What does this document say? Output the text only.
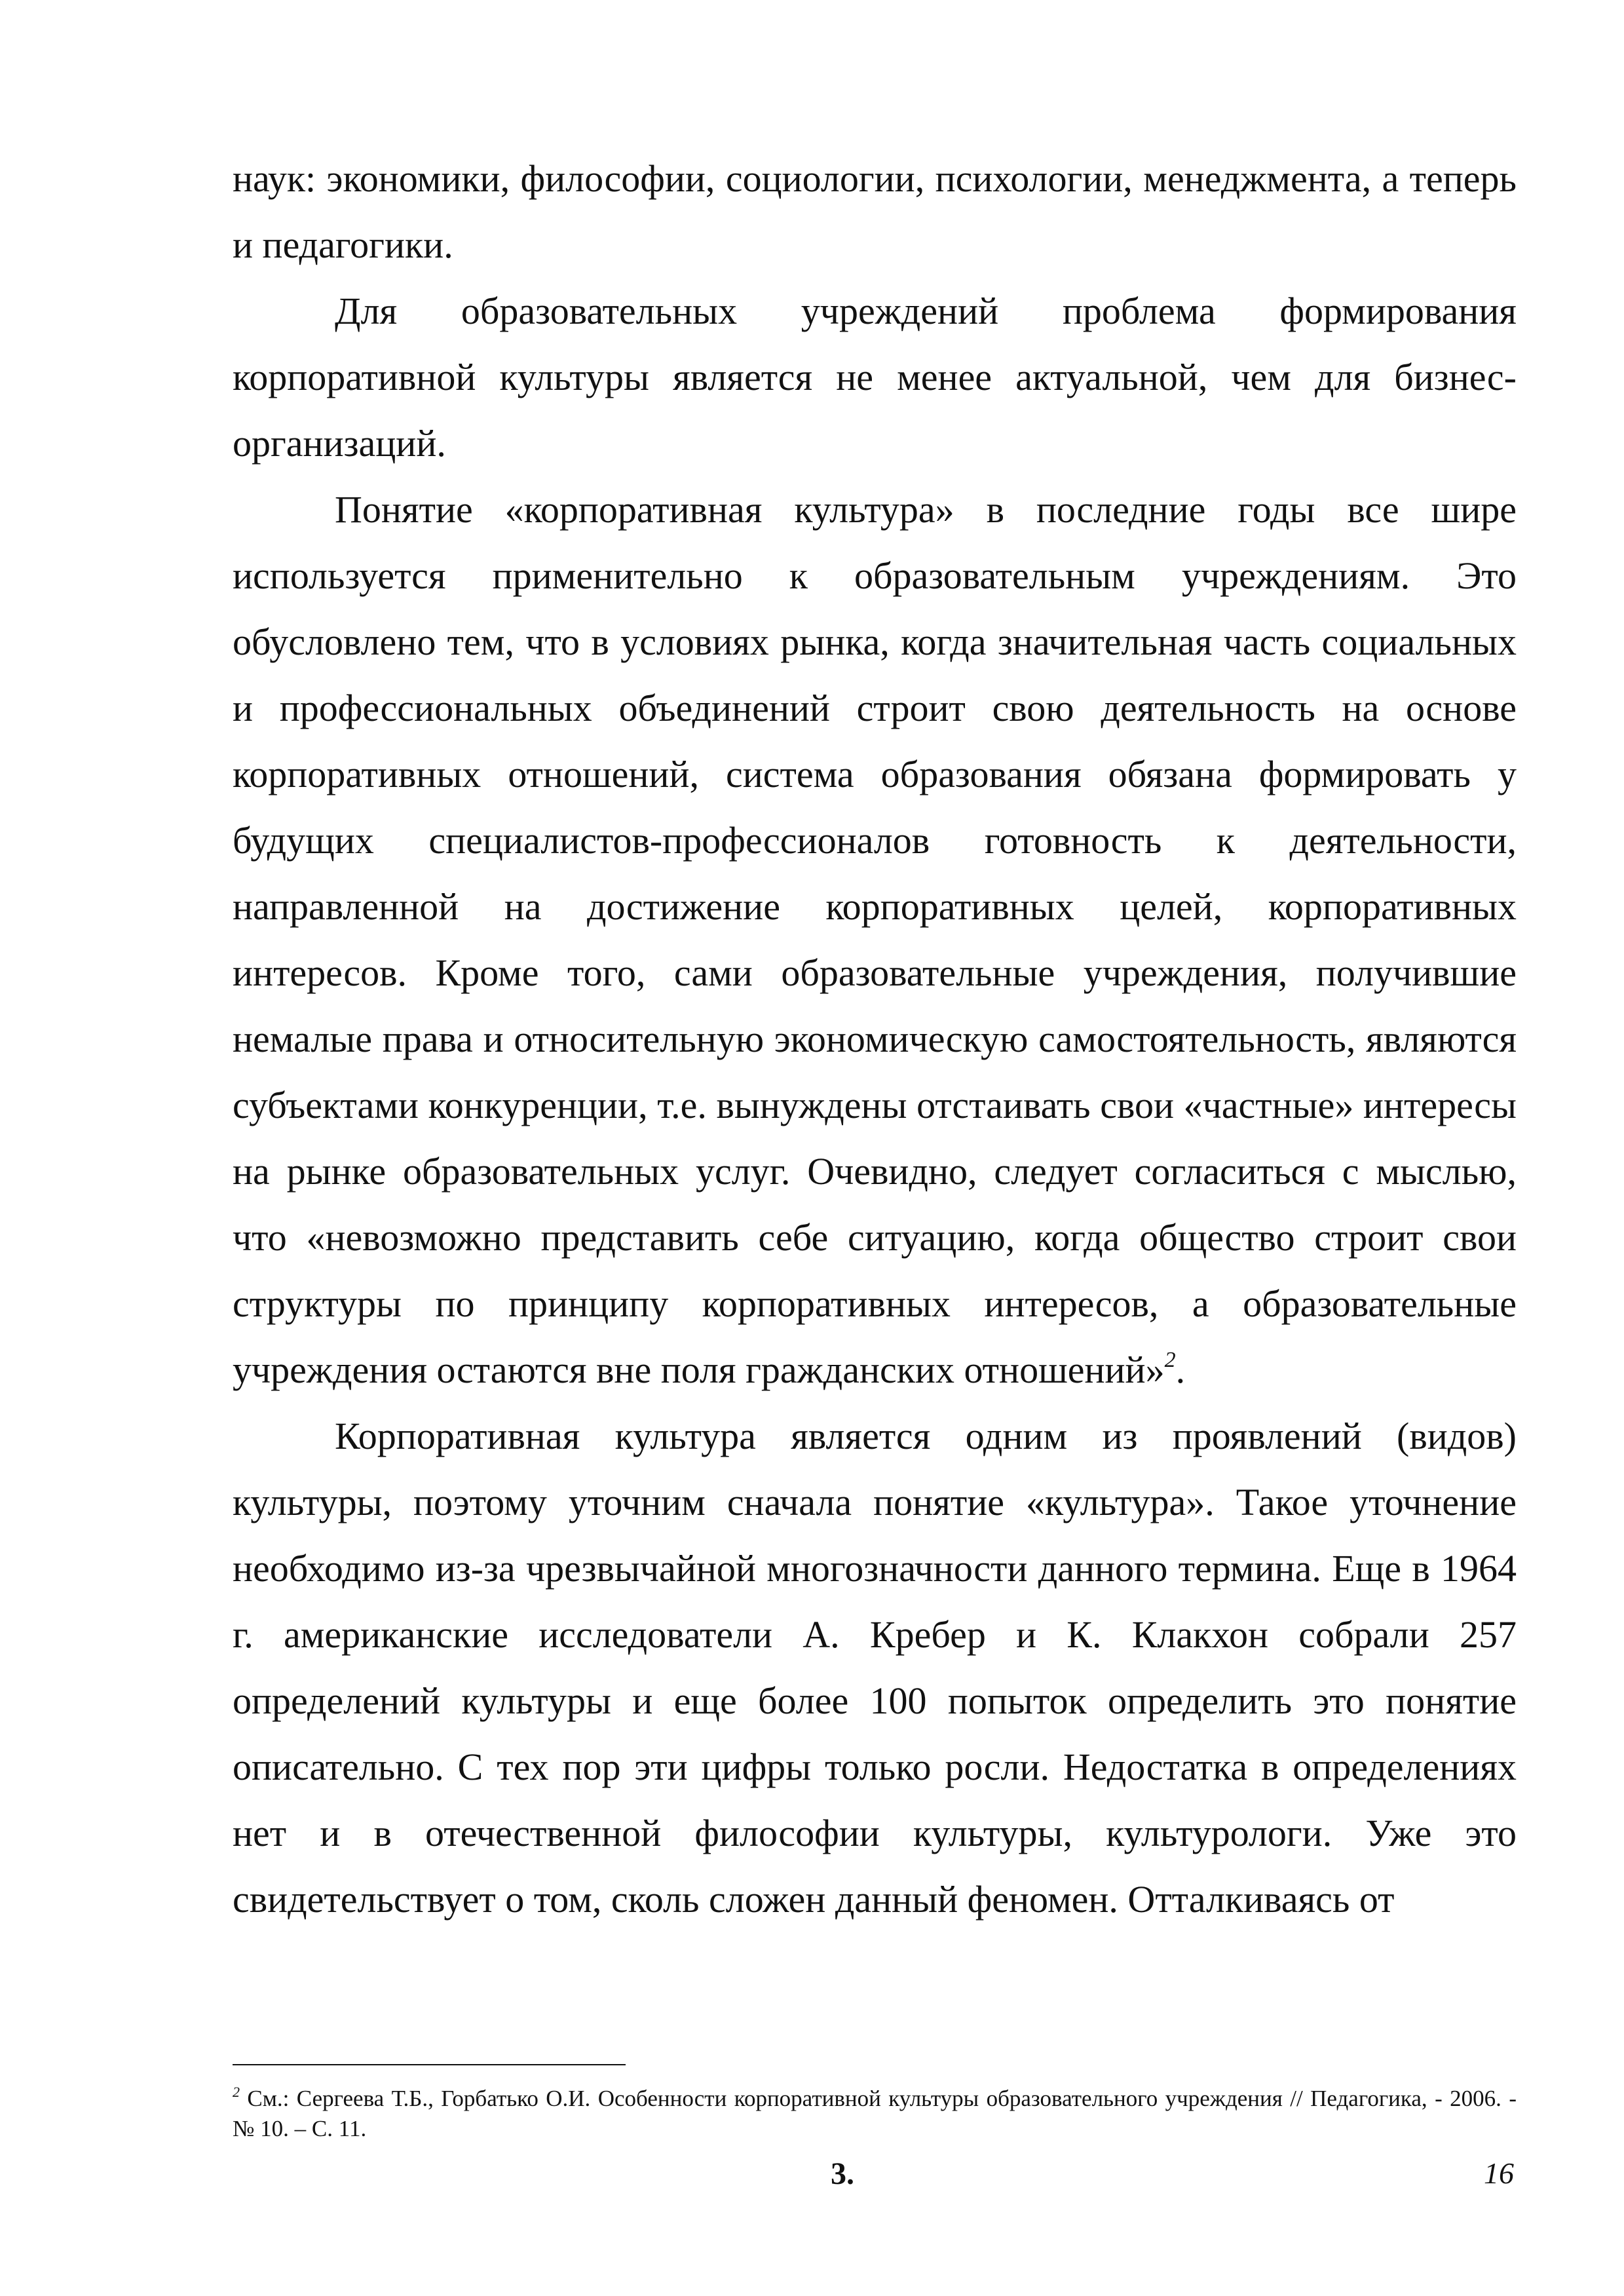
наук: экономики, философии, социологии, психологии, менеджмента, а теперь и педагогики.

Для образовательных учреждений проблема формирования корпоративной культуры является не менее актуальной, чем для бизнес-организаций.

Понятие «корпоративная культура» в последние годы все шире используется применительно к образовательным учреждениям. Это обусловлено тем, что в условиях рынка, когда значительная часть социальных и профессиональных объединений строит свою деятельность на основе корпоративных отношений, система образования обязана формировать у будущих специалистов-профессионалов готовность к деятельности, направленной на достижение корпоративных целей, корпоративных интересов. Кроме того, сами образовательные учреждения, получившие немалые права и относительную экономическую самостоятельность, являются субъектами конкуренции, т.е. вынуждены отстаивать свои «частные» интересы на рынке образовательных услуг. Очевидно, следует согласиться с мыслью, что «невозможно представить себе ситуацию, когда общество строит свои структуры по принципу корпоративных интересов, а образовательные учреждения остаются вне поля гражданских отношений»$^2$.

Корпоративная культура является одним из проявлений (видов) культуры, поэтому уточним сначала понятие «культура». Такое уточнение необходимо из-за чрезвычайной многозначности данного термина. Еще в 1964 г. американские исследователи А. Кребер и К. Клакхон собрали 257 определений культуры и еще более 100 попыток определить это понятие описательно. С тех пор эти цифры только росли. Недостатка в определениях нет и в отечественной философии культуры, культурологи. Уже это свидетельствует о том, сколь сложен данный феномен. Отталкиваясь от

$^2$ См.: Сергеева Т.Б., Горбатько О.И. Особенности корпоративной культуры образовательного учреждения // Педагогика, - 2006. - № 10. – С. 11.
3.	16
